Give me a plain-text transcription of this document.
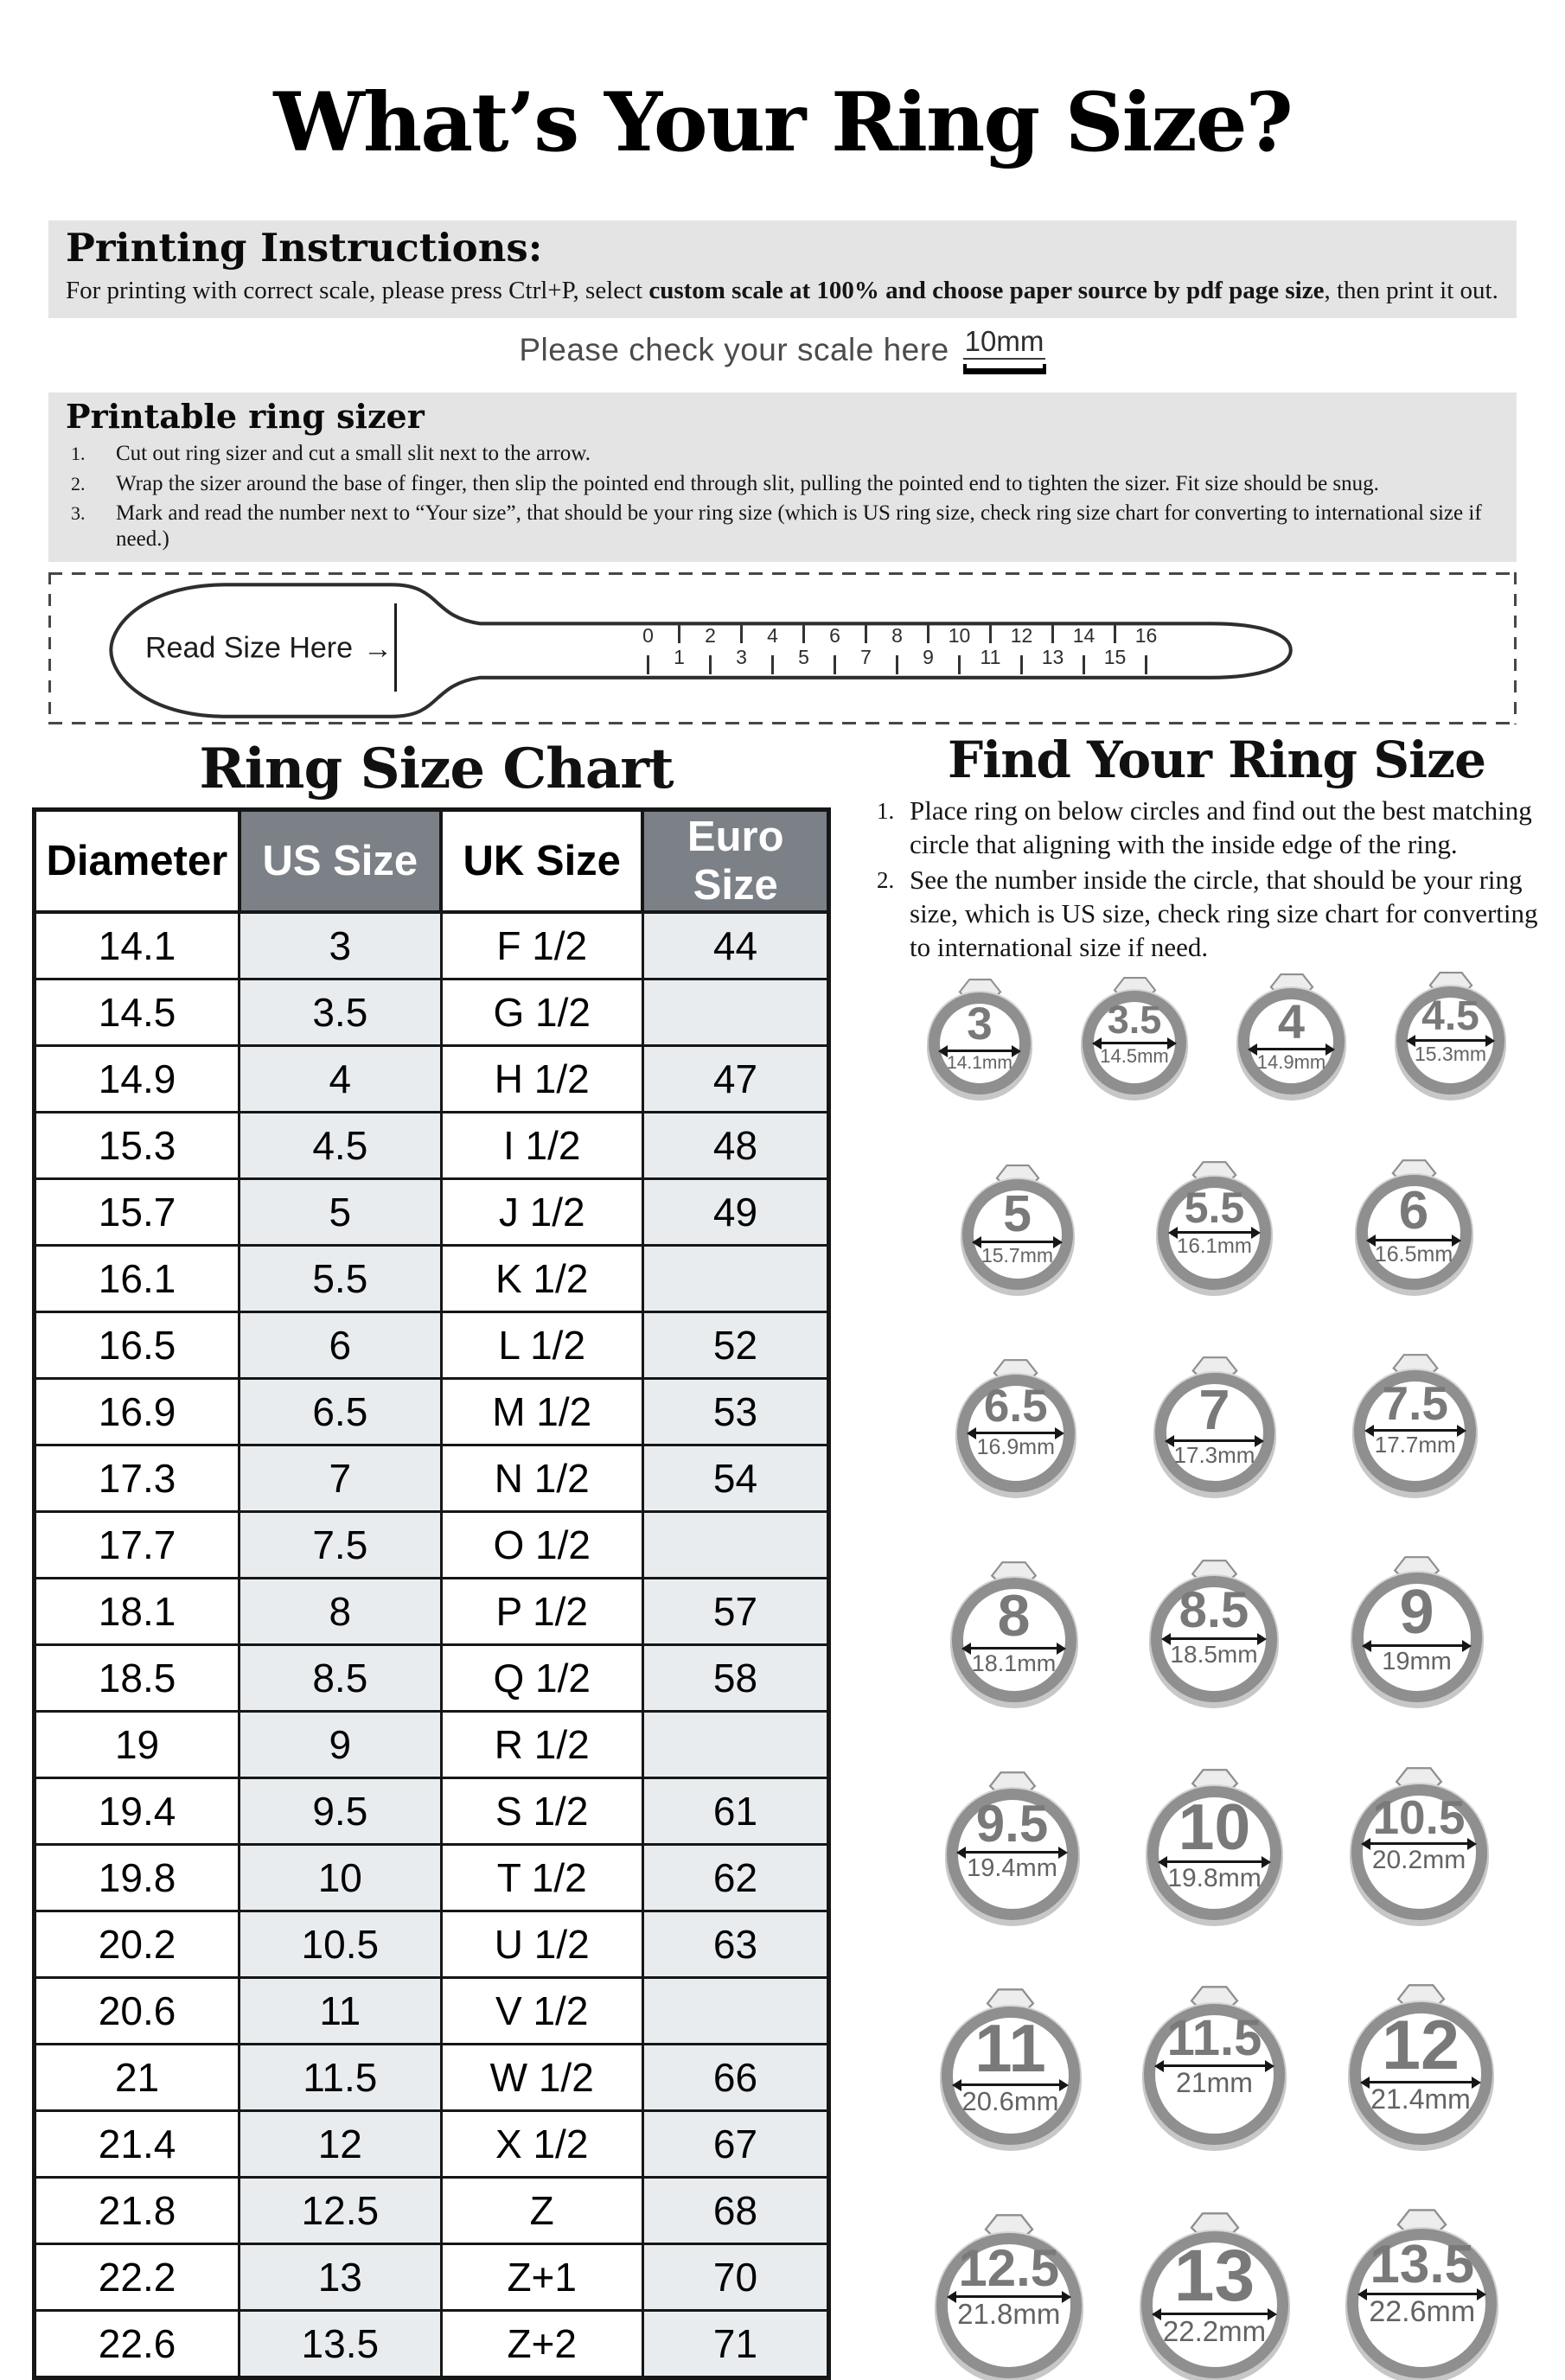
What’s Your Ring Size?
Printing Instructions:

For printing with correct scale, please press Ctrl+P, select custom scale at 100% and choose paper source by pdf page size, then print it out.

Please check your scale here 10mm
Printable ring sizer
1.	Cut out ring sizer and cut a small slit next to the arrow.
2.	Wrap the sizer around the base of finger, then slip the pointed end through slit, pulling the pointed end to tighten the sizer. Fit size should be snug.
3.	Mark and read the number next to “Your size”, that should be your ring size (which is US ring size, check ring size chart for converting to international size if need.)
Read Size Here →	0
1
2
3
4
5
6
7
8
9
10
11
12
13
14
15
16
Ring Size Chart
Diameter	US Size	UK Size	Euro Size
14.1	3	F 1/2	44
14.5	3.5	G 1/2	
14.9	4	H 1/2	47
15.3	4.5	I 1/2	48
15.7	5	J 1/2	49
16.1	5.5	K 1/2	
16.5	6	L 1/2	52
16.9	6.5	M 1/2	53
17.3	7	N 1/2	54
17.7	7.5	O 1/2	
18.1	8	P 1/2	57
18.5	8.5	Q 1/2	58
19	9	R 1/2	
19.4	9.5	S 1/2	61
19.8	10	T 1/2	62
20.2	10.5	U 1/2	63
20.6	11	V 1/2	
21	11.5	W 1/2	66
21.4	12	X 1/2	67
21.8	12.5	Z	68
22.2	13	Z+1	70
22.6	13.5	Z+2	71
Find Your Ring Size
1. Place ring on below circles and find out the best matching circle that aligning with the inside edge of the ring.
2. See the number inside the circle, that should be your ring size, which is US size, check ring size chart for converting to international size if need.
3
14.1mm
3.5
14.5mm
4
14.9mm
4.5
15.3mm
5
15.7mm
5.5
16.1mm
6
16.5mm
6.5
16.9mm
7
17.3mm
7.5
17.7mm
8
18.1mm
8.5
18.5mm
9
19mm
9.5
19.4mm
10
19.8mm
10.5
20.2mm
11
20.6mm
11.5
21mm 12
21.4mm
12.5
21.8mm 13
22.2mm
13.5
22.6mm
